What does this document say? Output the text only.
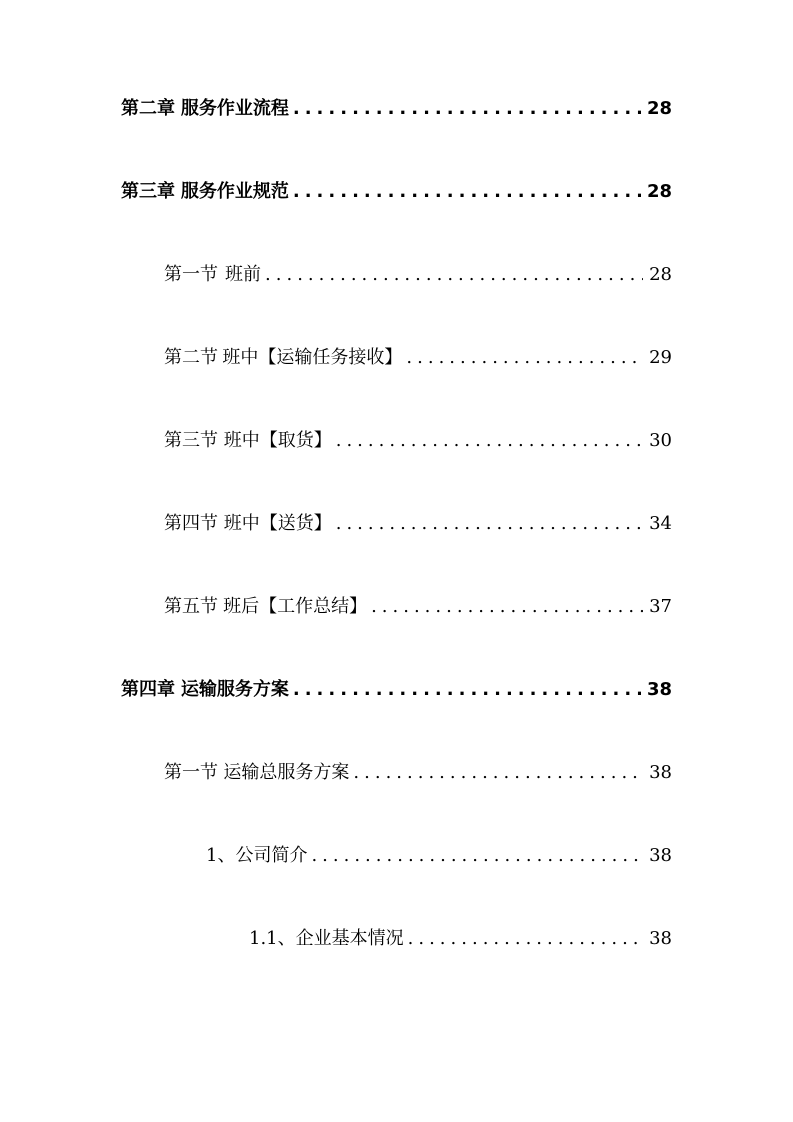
第二章 服务作业流程 .....	28
第三章 服务作业规范 .....	28
第一节 班前 .....	28
第二节 班中【运输任务接收】 .....	29
第三节 班中【取货】 .....	30
第四节 班中【送货】 .....	34
第五节 班后【工作总结】 .....	37
第四章 运输服务方案 .....	38
第一节 运输总服务方案 .....	38
1、 公司简介 .....	38
1.1、 企业基本情况 .....	38
